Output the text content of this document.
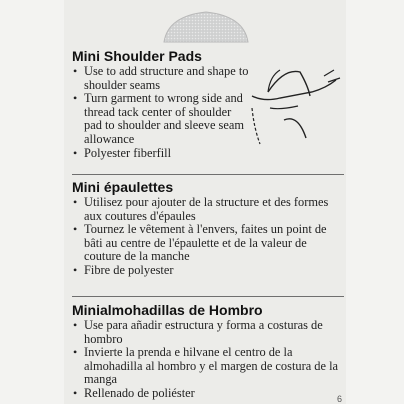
Mini Shoulder Pads
• Use to add structure and shape to shoulder seams
• Turn garment to wrong side and thread tack center of shoulder pad to shoulder and sleeve seam allowance
• Polyester fiberfill
Mini épaulettes
• Utilisez pour ajouter de la structure et des formes aux coutures d'épaules
• Tournez le vêtement à l'envers, faites un point de bâti au centre de l'épaulette et de la valeur de couture de la manche
• Fibre de polyester
Minialmohadillas de Hombro
• Use para añadir estructura y forma a costuras de hombro
• Invierte la prenda e hilvane el centro de la almohadilla al hombro y el margen de costura de la manga
• Rellenado de poliéster	6
